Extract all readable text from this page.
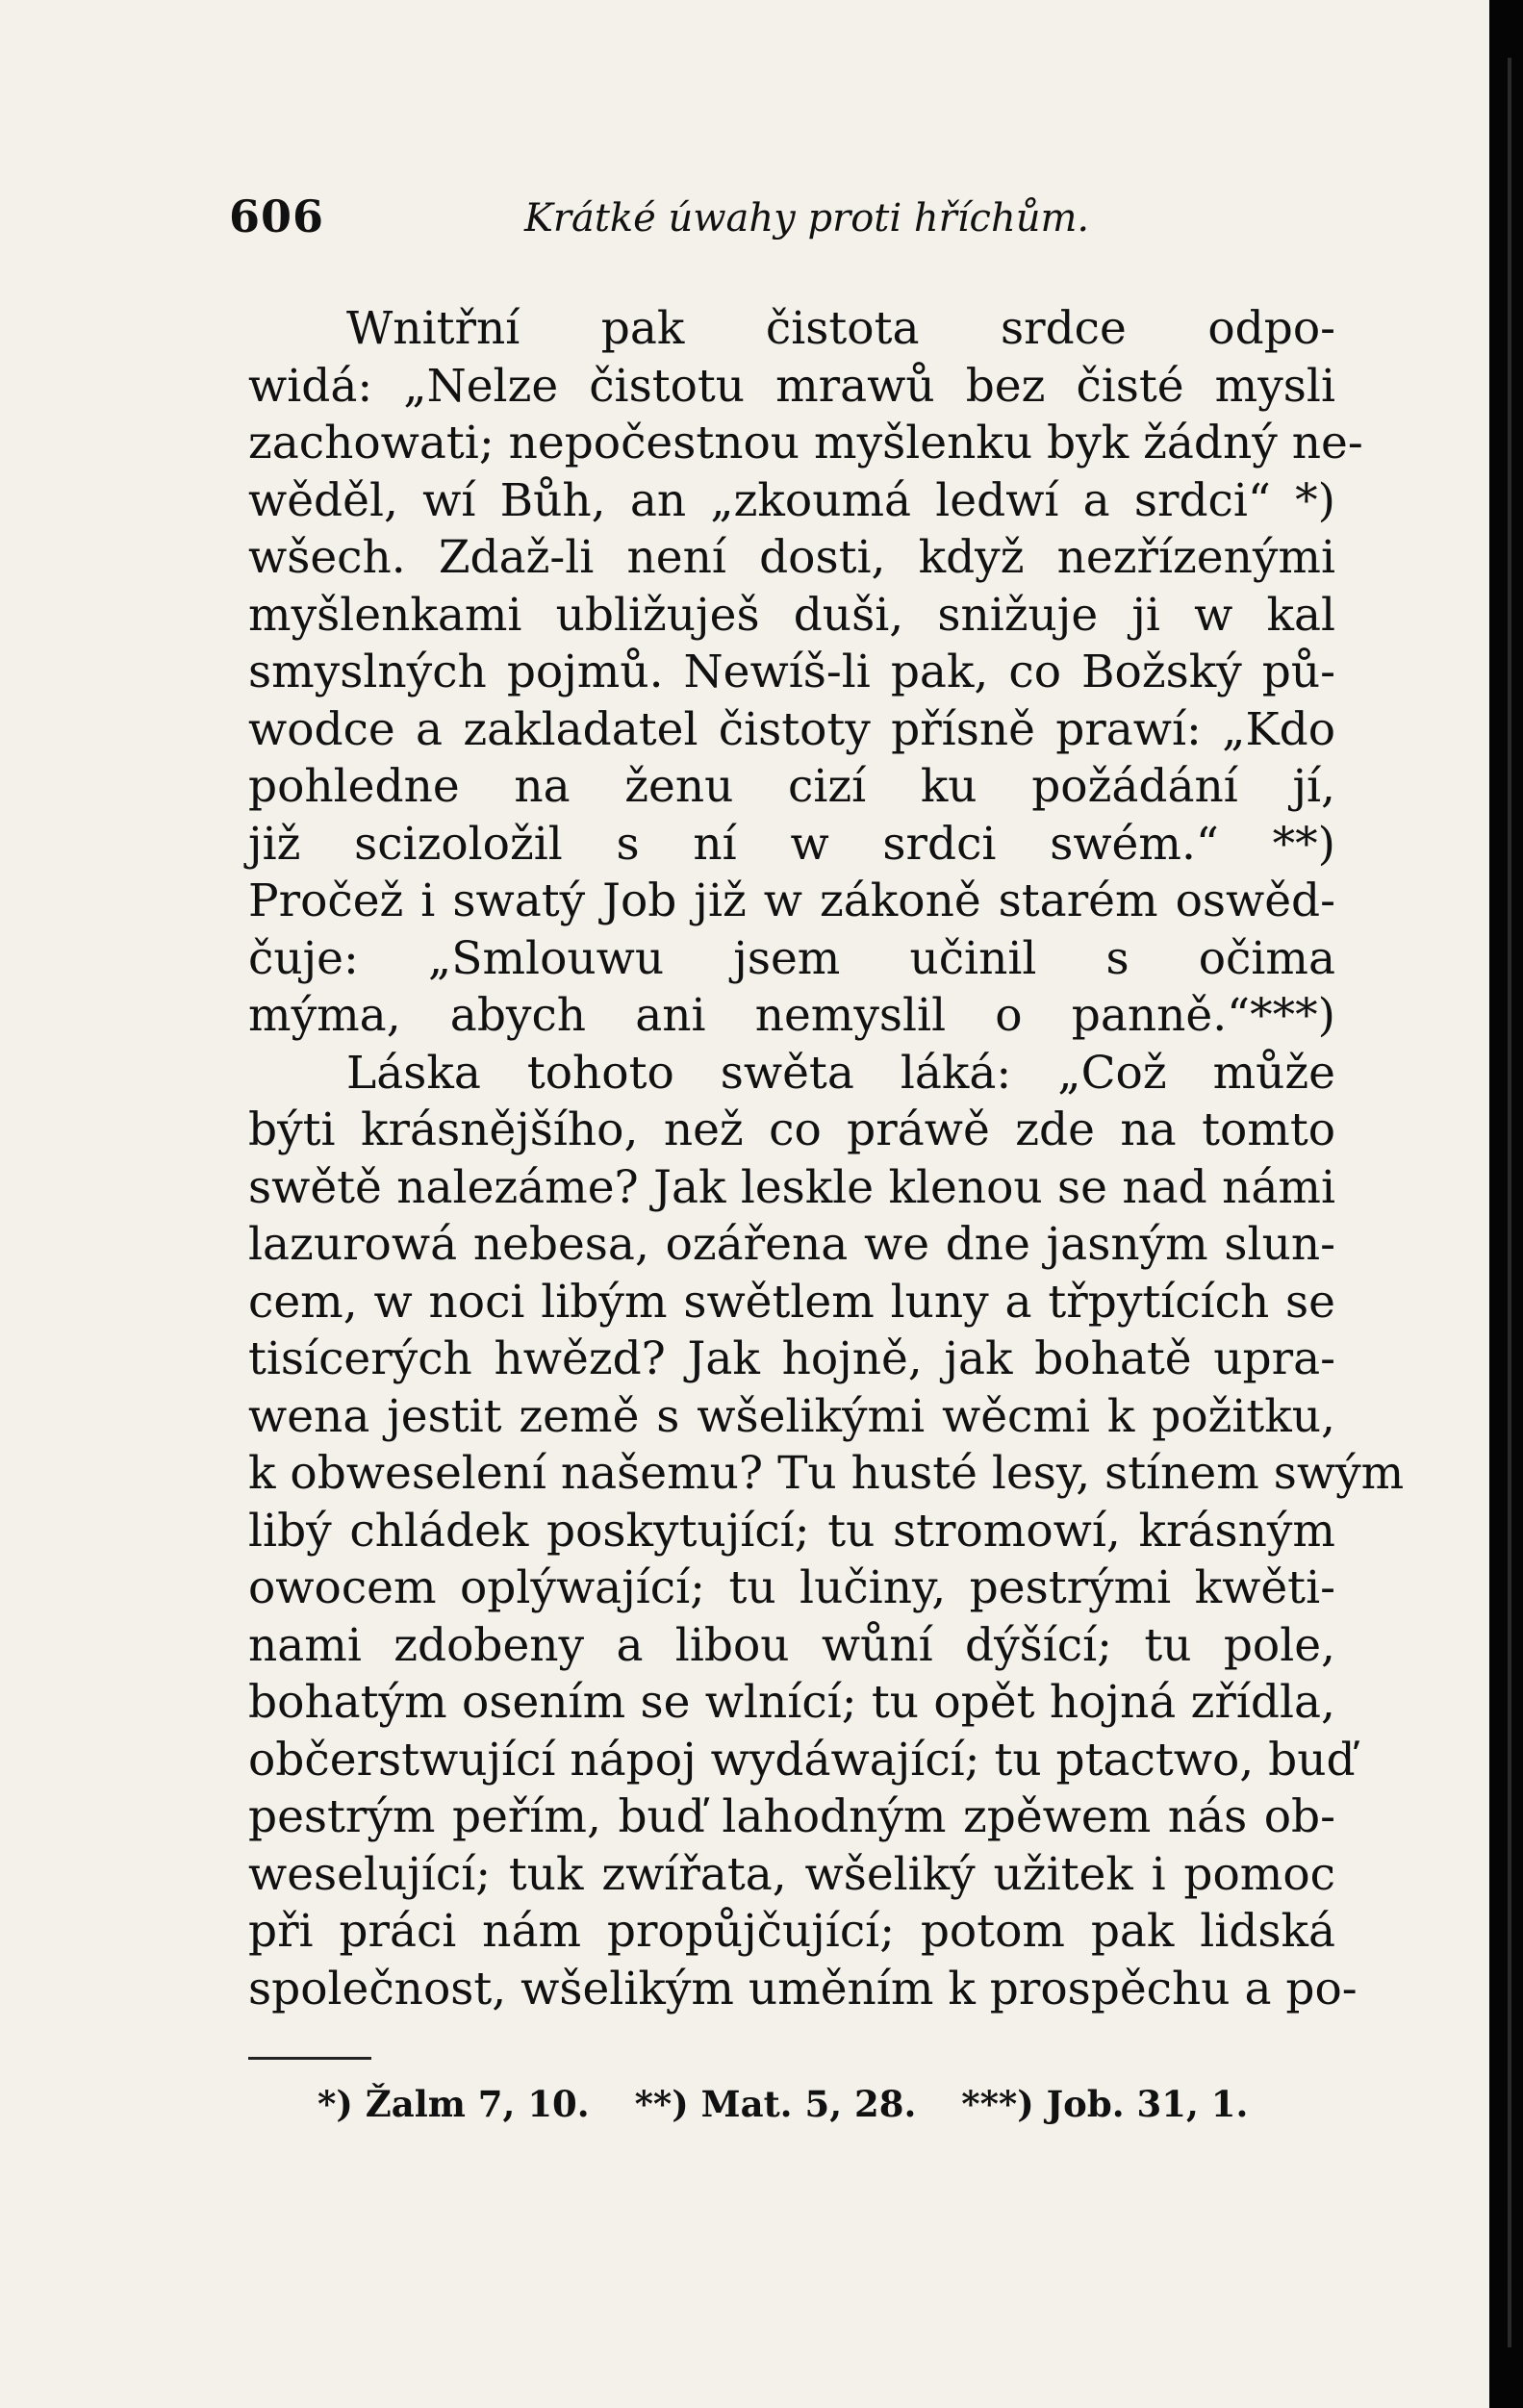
606	Krátké úwahy proti hříchům.
Wnitřní pak čistota srdce odpo-
widá: „Nelze čistotu mrawů bez čisté mysli
zachowati; nepočestnou myšlenku byk žádný ne-
wěděl, wí Bůh, an „zkoumá ledwí a srdci“ *)
wšech. Zdaž-li není dosti, když nezřízenými
myšlenkami ubližuješ duši, snižuje ji w kal
smyslných pojmů. Newíš-li pak, co Božský pů-
wodce a zakladatel čistoty přísně prawí: „Kdo
pohledne na ženu cizí ku požádání jí,
již scizoložil s ní w srdci swém.“ **)
Pročež i swatý Job již w zákoně starém oswěd-
čuje: „Smlouwu jsem učinil s očima
mýma, abych ani nemyslil o panně.“***)
Láska tohoto swěta láká: „Což může
býti krásnějšího, než co práwě zde na tomto
swětě nalezáme? Jak leskle klenou se nad námi
lazurowá nebesa, ozářena we dne jasným slun-
cem, w noci libým swětlem luny a třpytících se
tisícerých hwězd? Jak hojně, jak bohatě upra-
wena jestit země s wšelikými wěcmi k požitku,
k obweselení našemu? Tu husté lesy, stínem swým
libý chládek poskytující; tu stromowí, krásným
owocem oplýwající; tu lučiny, pestrými kwěti-
nami zdobeny a libou wůní dýšící; tu pole,
bohatým osením se wlnící; tu opět hojná zřídla,
občerstwující nápoj wydáwající; tu ptactwo, buď
pestrým peřím, buď lahodným zpěwem nás ob-
weselující; tuk zwířata, wšeliký užitek i pomoc
při práci nám propůjčující; potom pak lidská
společnost, wšelikým uměním k prospěchu a po-
*) Žalm 7, 10. **) Mat. 5, 28. ***) Job. 31, 1.
